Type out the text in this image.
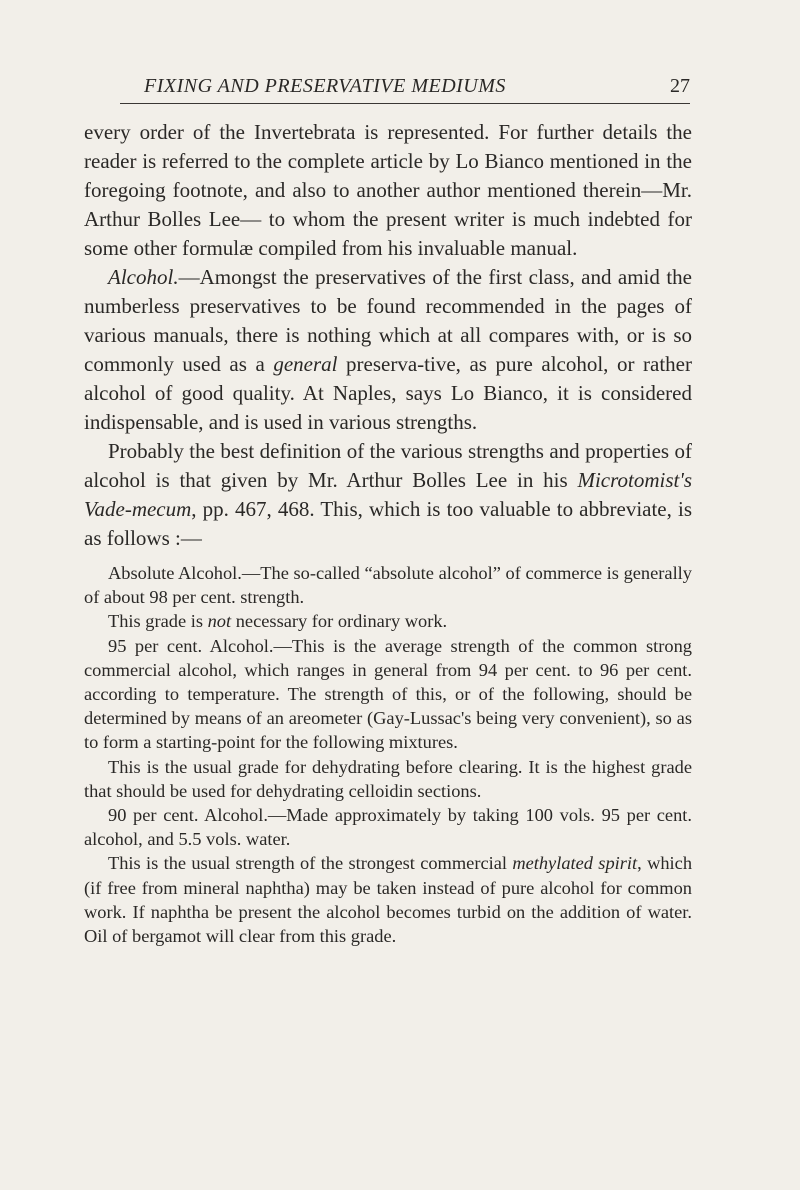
FIXING AND PRESERVATIVE MEDIUMS	27

every order of the Invertebrata is represented. For further details the reader is referred to the complete article by Lo Bianco mentioned in the foregoing footnote, and also to another author mentioned therein—Mr. Arthur Bolles Lee— to whom the present writer is much indebted for some other formulæ compiled from his invaluable manual.

Alcohol.—Amongst the preservatives of the first class, and amid the numberless preservatives to be found recommended in the pages of various manuals, there is nothing which at all compares with, or is so commonly used as a general preserva-tive, as pure alcohol, or rather alcohol of good quality. At Naples, says Lo Bianco, it is considered indispensable, and is used in various strengths.

Probably the best definition of the various strengths and properties of alcohol is that given by Mr. Arthur Bolles Lee in his Microtomist's Vade-mecum, pp. 467, 468. This, which is too valuable to abbreviate, is as follows :—

Absolute Alcohol.—The so-called “absolute alcohol” of commerce is generally of about 98 per cent. strength.

This grade is not necessary for ordinary work.

95 per cent. Alcohol.—This is the average strength of the common strong commercial alcohol, which ranges in general from 94 per cent. to 96 per cent. according to temperature. The strength of this, or of the following, should be determined by means of an areometer (Gay-Lussac's being very convenient), so as to form a starting-point for the following mixtures.

This is the usual grade for dehydrating before clearing. It is the highest grade that should be used for dehydrating celloidin sections.

90 per cent. Alcohol.—Made approximately by taking 100 vols. 95 per cent. alcohol, and 5.5 vols. water.

This is the usual strength of the strongest commercial methylated spirit, which (if free from mineral naphtha) may be taken instead of pure alcohol for common work. If naphtha be present the alcohol becomes turbid on the addition of water. Oil of bergamot will clear from this grade.
